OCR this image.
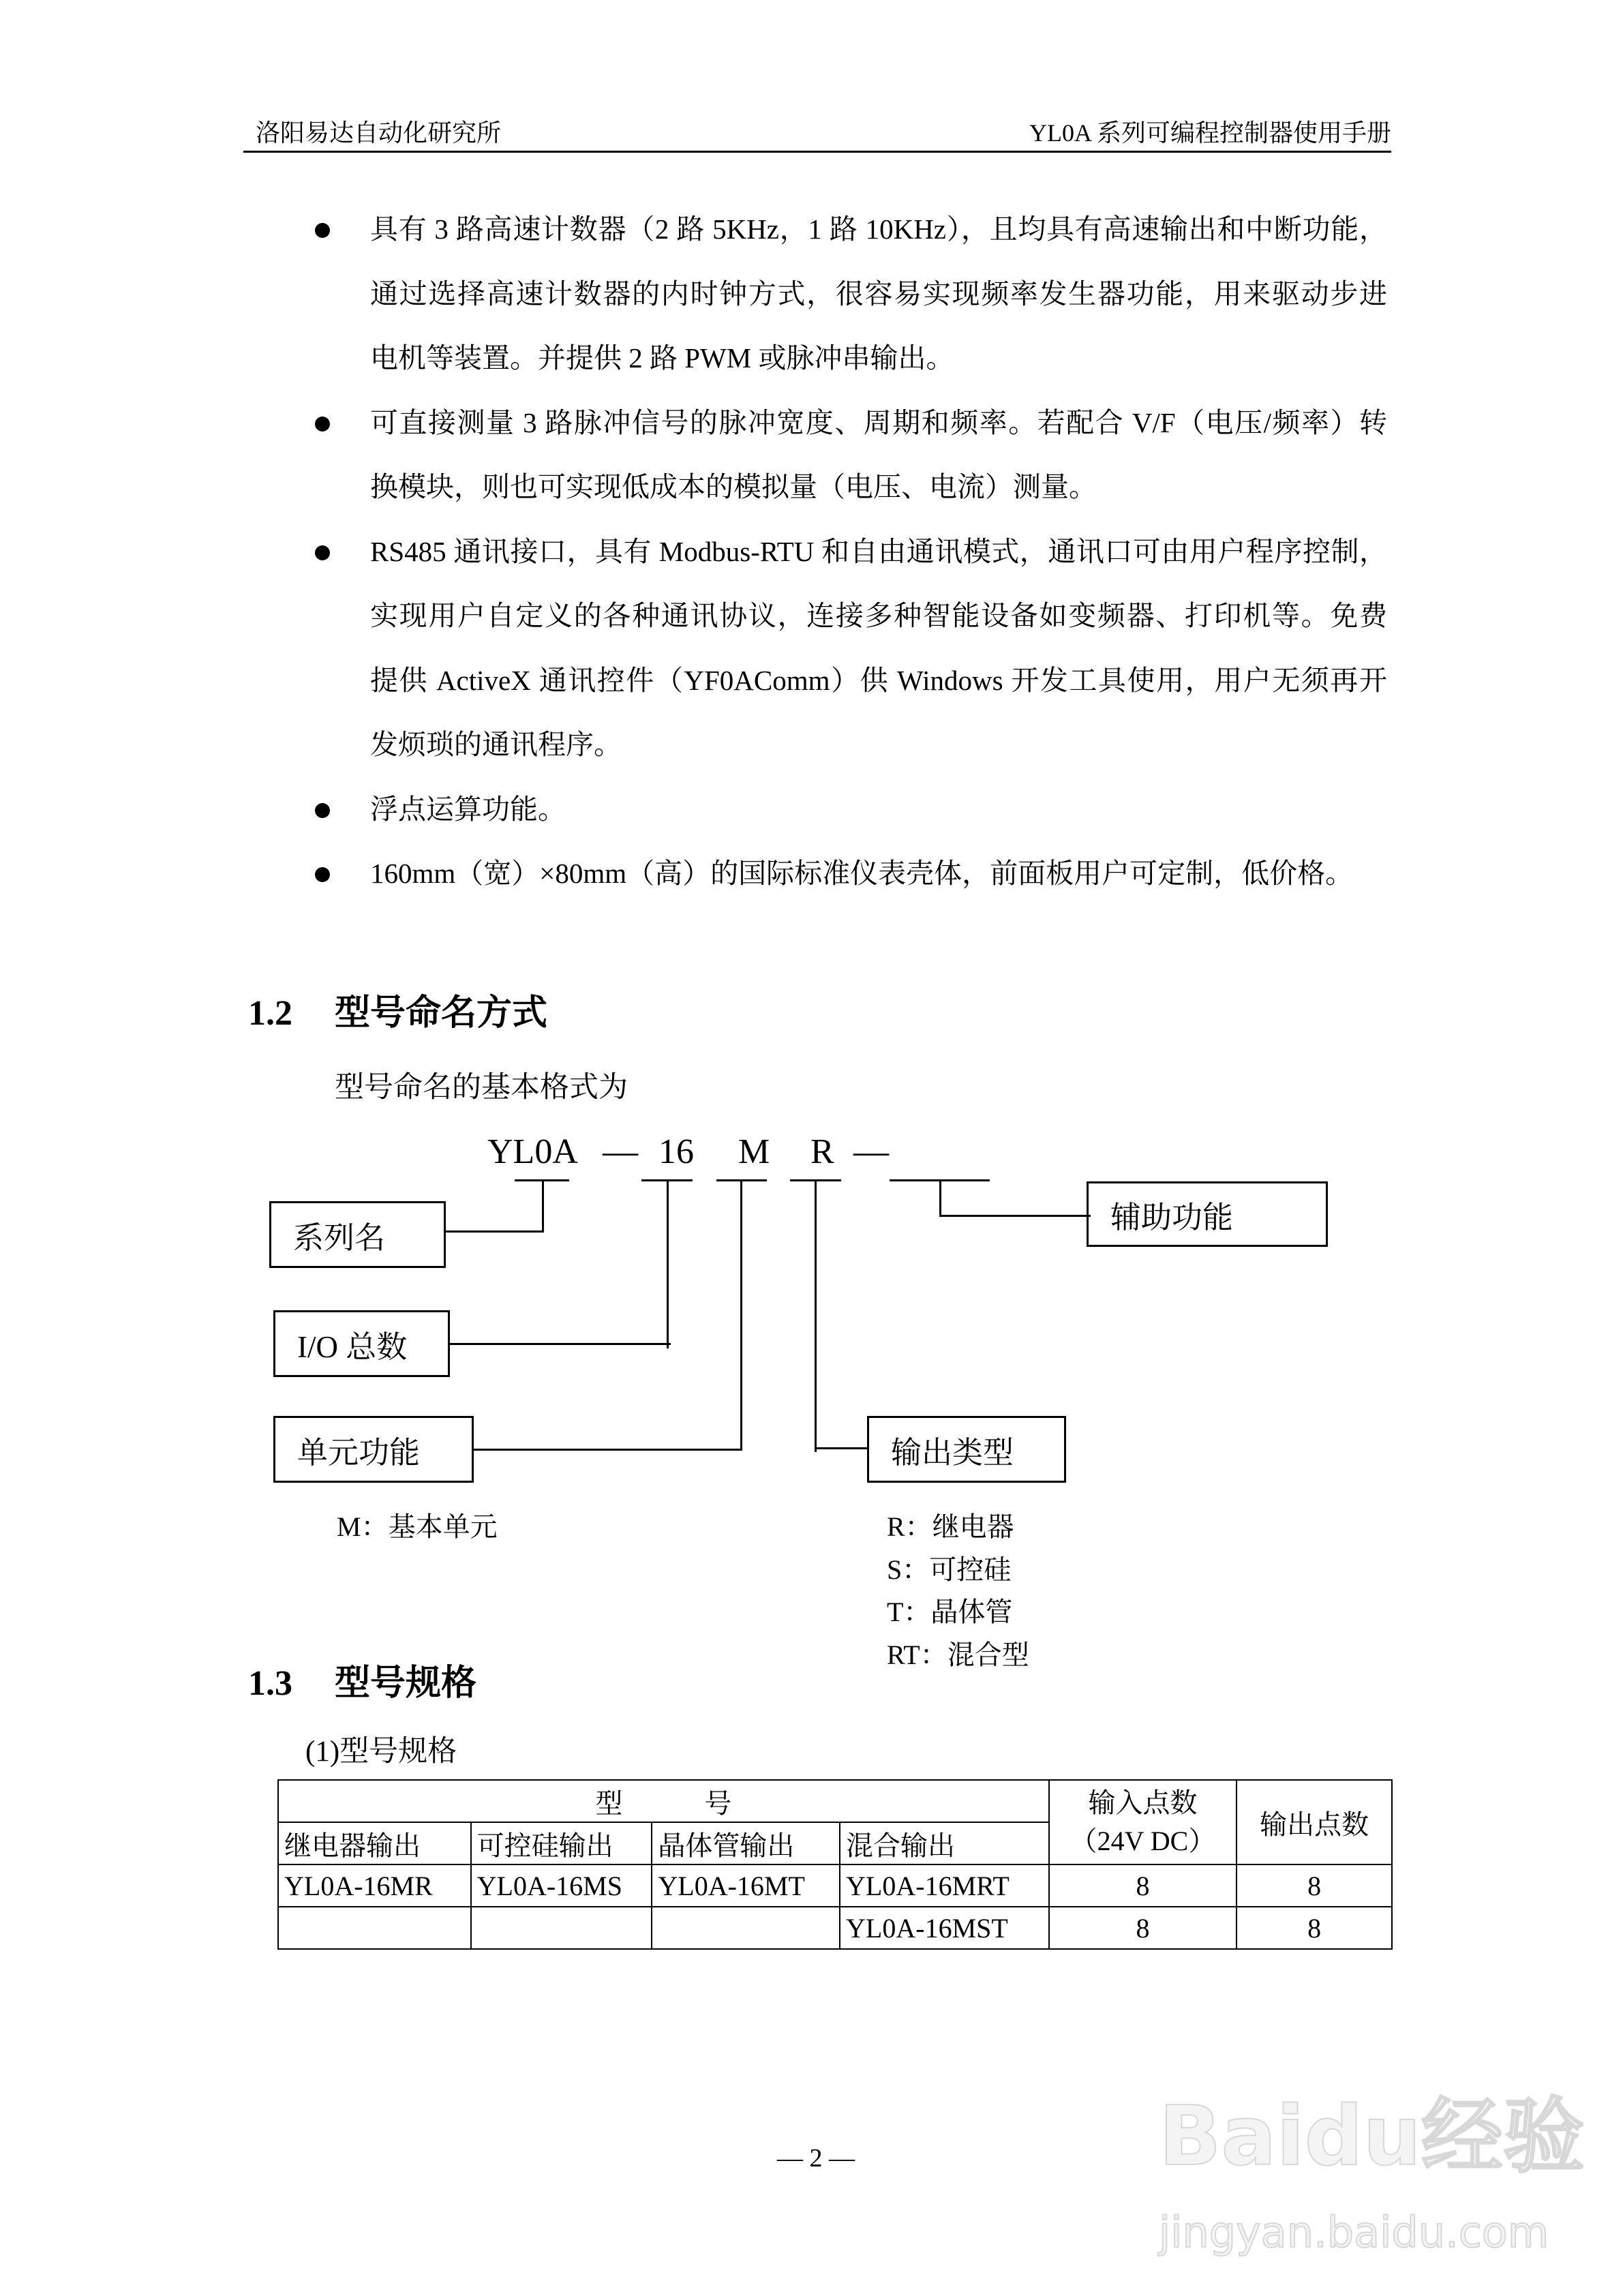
洛阳易达自动化研究所	YL0A 系列可编程控制器使用手册
具有 3 路高速计数器（2 路 5KHz，1 路 10KHz），且均具有高速输出和中断功能，
通过选择高速计数器的内时钟方式，很容易实现频率发生器功能，用来驱动步进
电机等装置。并提供 2 路 PWM 或脉冲串输出。
可直接测量 3 路脉冲信号的脉冲宽度、周期和频率。若配合 V/F（电压/频率）转
换模块，则也可实现低成本的模拟量（电压、电流）测量。
RS485 通讯接口，具有 Modbus-RTU 和自由通讯模式，通讯口可由用户程序控制，
实现用户自定义的各种通讯协议，连接多种智能设备如变频器、打印机等。免费
提供 ActiveX 通讯控件（YF0AComm）供 Windows 开发工具使用，用户无须再开
发烦琐的通讯程序。
浮点运算功能。
160mm（宽）×80mm（高）的国际标准仪表壳体，前面板用户可定制，低价格。
1.2 型号命名方式
型号命名的基本格式为
YL0A — 16 M R —
系列名
I/O 总数
单元功能	输出类型
辅助功能
M：基本单元	R：继电器
S：可控硅
T：晶体管
RT：混合型
1.3 型号规格
(1)型号规格
型　　　号				输入点数
（24V DC）	输出点数
继电器输出	可控硅输出	晶体管输出	混合输出		
YL0A-16MR	YL0A-16MS	YL0A-16MT	YL0A-16MRT	8	8
			YL0A-16MST	8	8
— 2 —	Baidu经验
jingyan.baidu.com
